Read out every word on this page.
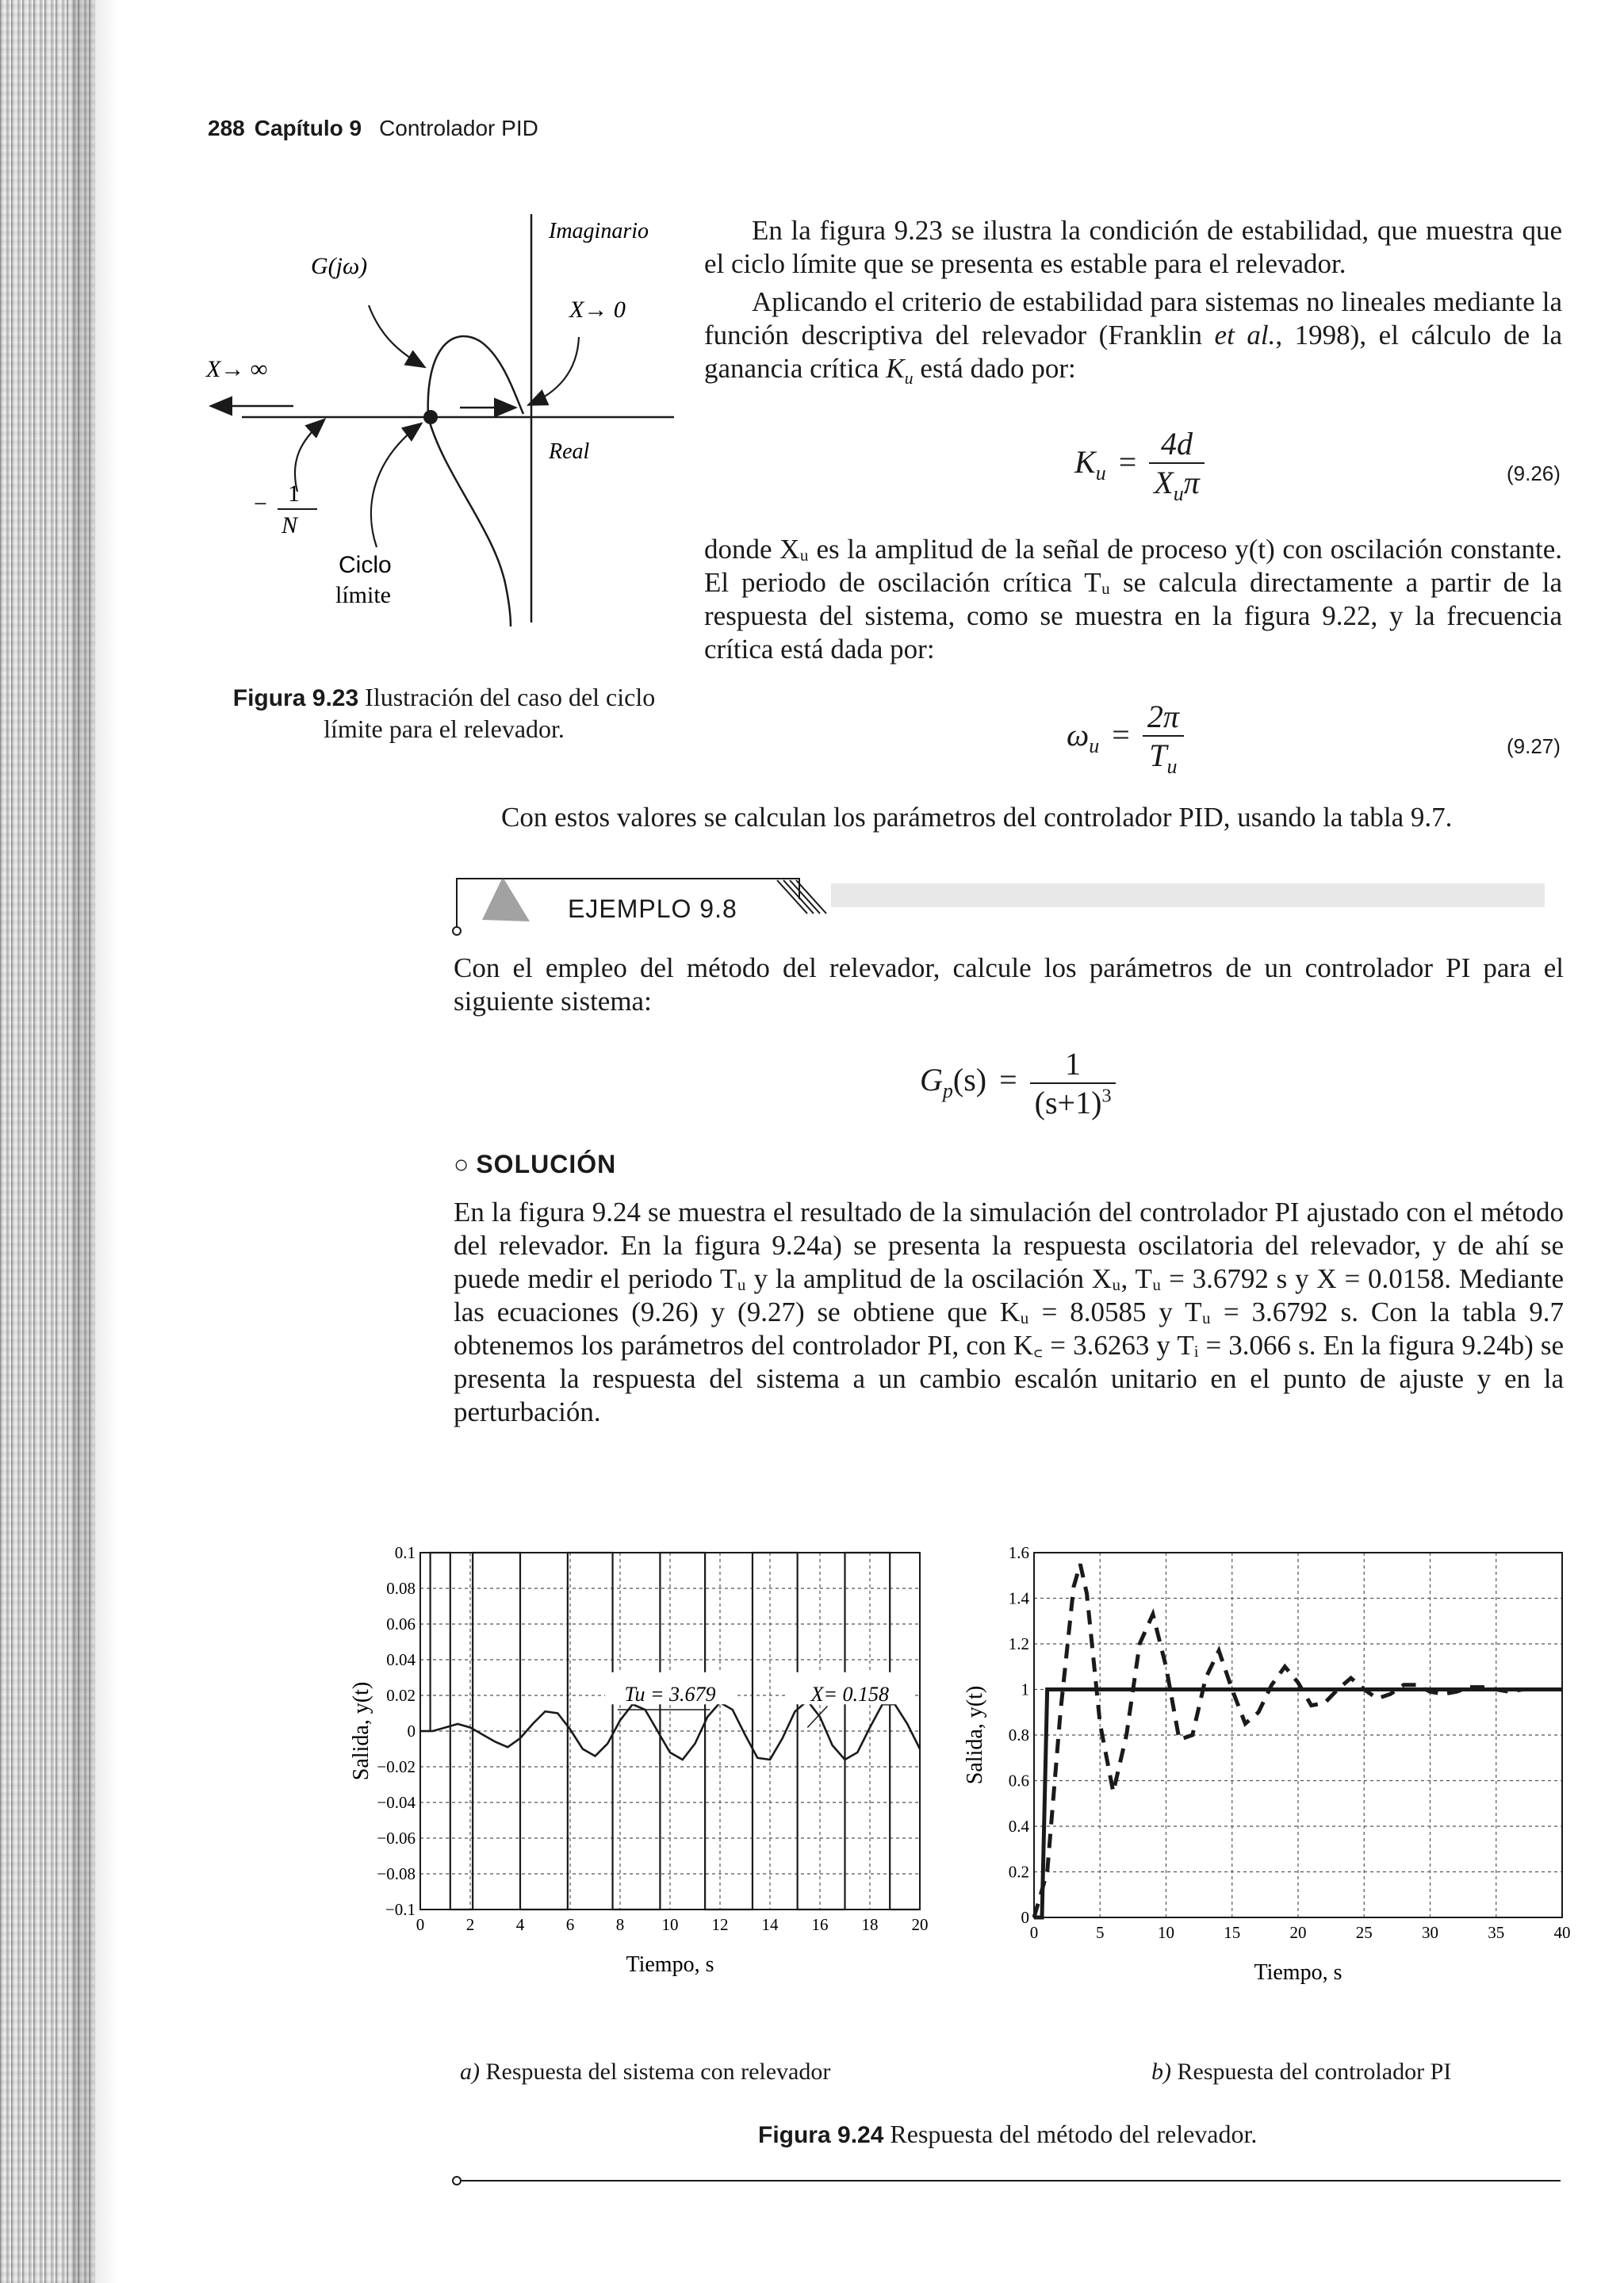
288 Capítulo 9 Controlador PID
Imaginario
G(jω)
X→ 0
X→ ∞
Real
− 1
N
Ciclo
límite
Figura 9.23 Ilustración del caso del ciclo límite para el relevador.
En la figura 9.23 se ilustra la condición de estabilidad, que muestra que el ciclo límite que se presenta es estable para el relevador.
Aplicando el criterio de estabilidad para sistemas no lineales mediante la función descriptiva del relevador (Franklin et al., 1998), el cálculo de la ganancia crítica $K_u$ está dado por:
$K_u = \frac{4d}{X_u\pi}$	(9.26)
donde Xᵤ es la amplitud de la señal de proceso y(t) con oscilación constante. El periodo de oscilación crítica Tᵤ se calcula directamente a partir de la respuesta del sistema, como se muestra en la figura 9.22, y la frecuencia crítica está dada por:
$\omega_u = \frac{2\pi}{T_u}$	(9.27)
Con estos valores se calculan los parámetros del controlador PID, usando la tabla 9.7.
EJEMPLO 9.8
Con el empleo del método del relevador, calcule los parámetros de un controlador PI para el siguiente sistema:
$G_p(s) = \frac{1}{(s+1)^3}$
○ SOLUCIÓN
En la figura 9.24 se muestra el resultado de la simulación del controlador PI ajustado con el método del relevador. En la figura 9.24a) se presenta la respuesta oscilatoria del relevador, y de ahí se puede medir el periodo Tᵤ y la amplitud de la oscilación Xᵤ, Tᵤ = 3.6792 s y X = 0.0158. Mediante las ecuaciones (9.26) y (9.27) se obtiene que Kᵤ = 8.0585 y Tᵤ = 3.6792 s. Con la tabla 9.7 obtenemos los parámetros del controlador PI, con K꜀ = 3.6263 y Tᵢ = 3.066 s. En la figura 9.24b) se presenta la respuesta del sistema a un cambio escalón unitario en el punto de ajuste y en la perturbación.
0	2	4	6	8 10 12 14 16 18 20
0.1
0.08
0.06
0.04
0.02
0
−0.02
−0.04
−0.06
−0.08
−0.1
Tiempo, s
Salida, y(t)	Tu = 3.679	X= 0.158
0	5	10	15	20	25	30	35	40
1.6
1.4
1.2
1
0.8
0.6
0.4
0.2
0
Tiempo, s
Salida, y(t)
a) Respuesta del sistema con relevador	b) Respuesta del controlador PI
Figura 9.24 Respuesta del método del relevador.
